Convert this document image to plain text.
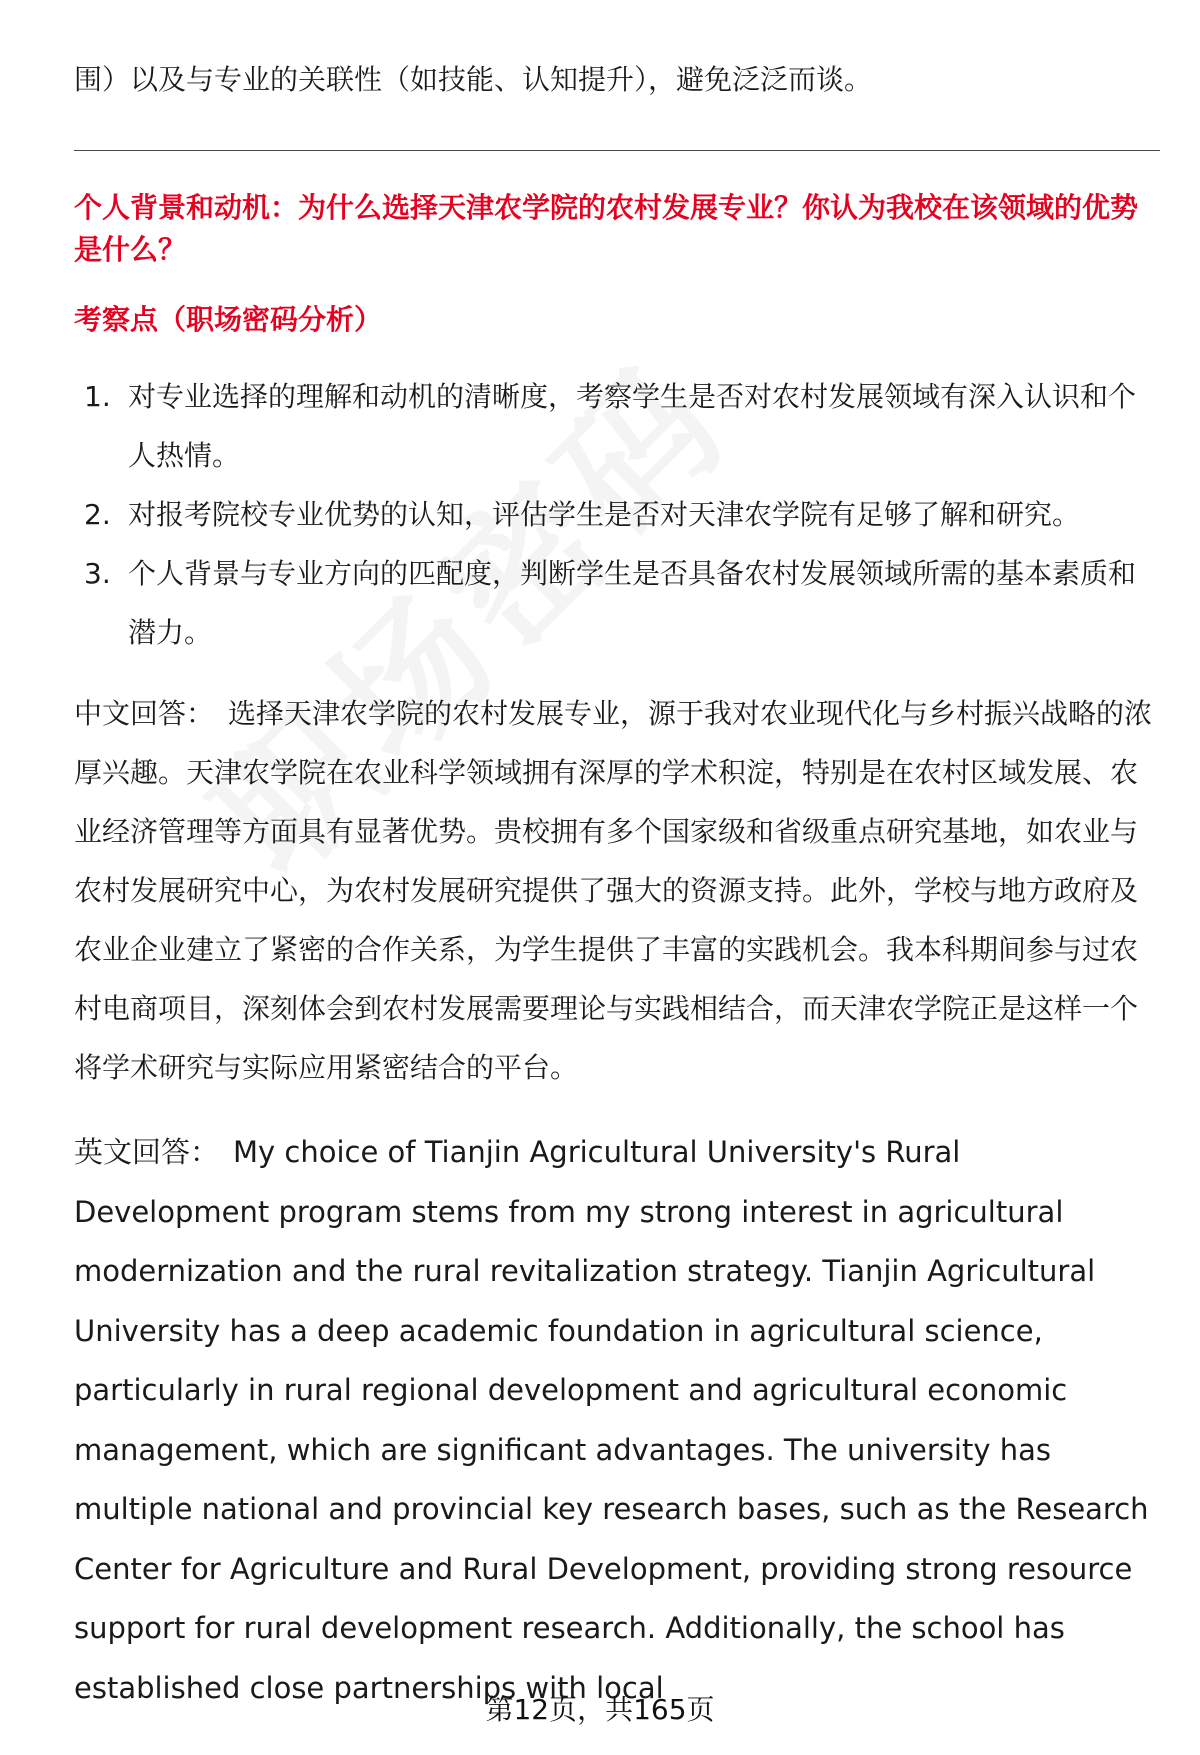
围）以及与专业的关联性（如技能、认知提升），避免泛泛而谈。

个人背景和动机：为什么选择天津农学院的农村发展专业？你认为我校在该领域的优势是什么？

考察点（职场密码分析）

1. 对专业选择的理解和动机的清晰度，考察学生是否对农村发展领域有深入认识和个人热情。
2. 对报考院校专业优势的认知，评估学生是否对天津农学院有足够了解和研究。
3. 个人背景与专业方向的匹配度，判断学生是否具备农村发展领域所需的基本素质和潜力。

中文回答： 选择天津农学院的农村发展专业，源于我对农业现代化与乡村振兴战略的浓厚兴趣。天津农学院在农业科学领域拥有深厚的学术积淀，特别是在农村区域发展、农业经济管理等方面具有显著优势。贵校拥有多个国家级和省级重点研究基地，如农业与农村发展研究中心，为农村发展研究提供了强大的资源支持。此外，学校与地方政府及农业企业建立了紧密的合作关系，为学生提供了丰富的实践机会。我本科期间参与过农村电商项目，深刻体会到农村发展需要理论与实践相结合，而天津农学院正是这样一个将学术研究与实际应用紧密结合的平台。

英文回答： My choice of Tianjin Agricultural University's Rural Development program stems from my strong interest in agricultural modernization and the rural revitalization strategy. Tianjin Agricultural University has a deep academic foundation in agricultural science, particularly in rural regional development and agricultural economic management, which are significant advantages. The university has multiple national and provincial key research bases, such as the Research Center for Agriculture and Rural Development, providing strong resource support for rural development research. Additionally, the school has established close partnerships with local

第12页，共165页
